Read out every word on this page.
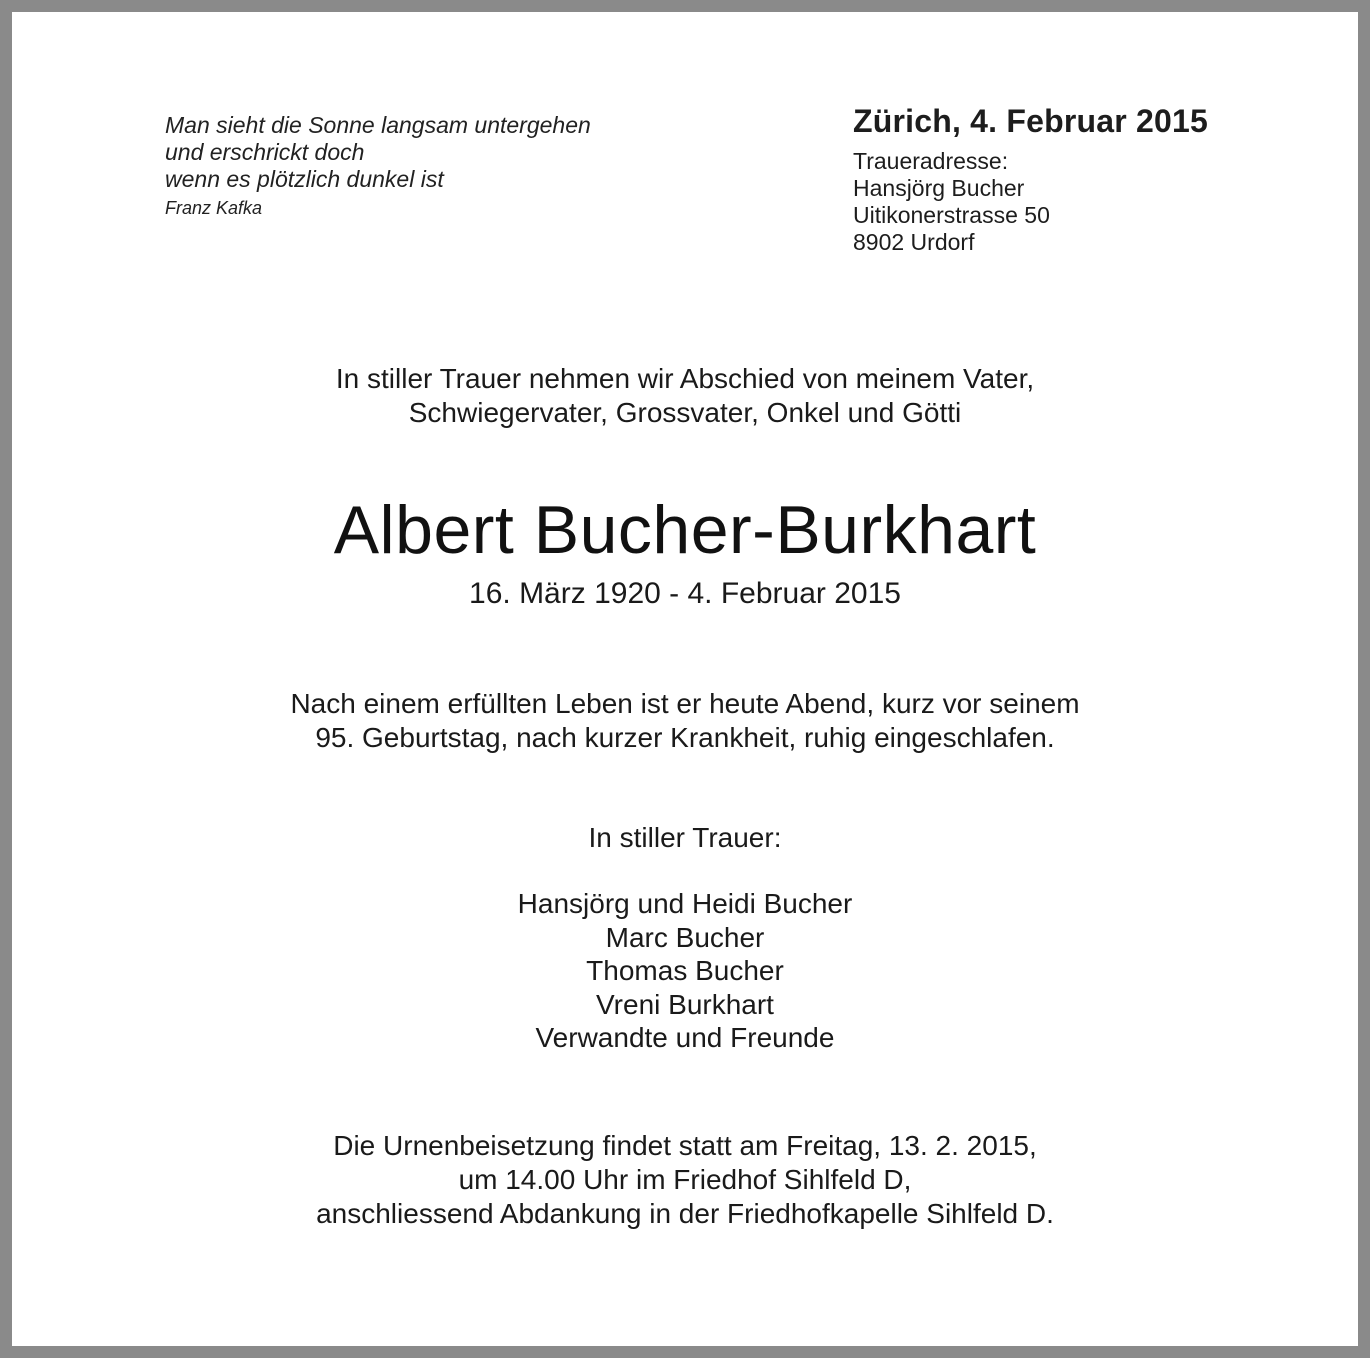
Man sieht die Sonne langsam untergehen
und erschrickt doch
wenn es plötzlich dunkel ist
Franz Kafka
Zürich, 4. Februar 2015
Traueradresse:
Hansjörg Bucher
Uitikonerstrasse 50
8902 Urdorf
In stiller Trauer nehmen wir Abschied von meinem Vater,
Schwiegervater, Grossvater, Onkel und Götti
Albert Bucher-Burkhart
16. März 1920 - 4. Februar 2015
Nach einem erfüllten Leben ist er heute Abend, kurz vor seinem
95. Geburtstag, nach kurzer Krankheit, ruhig eingeschlafen.
In stiller Trauer:
Hansjörg und Heidi Bucher
Marc Bucher
Thomas Bucher
Vreni Burkhart
Verwandte und Freunde
Die Urnenbeisetzung findet statt am Freitag, 13. 2. 2015,
um 14.00 Uhr im Friedhof Sihlfeld D,
anschliessend Abdankung in der Friedhofkapelle Sihlfeld D.
